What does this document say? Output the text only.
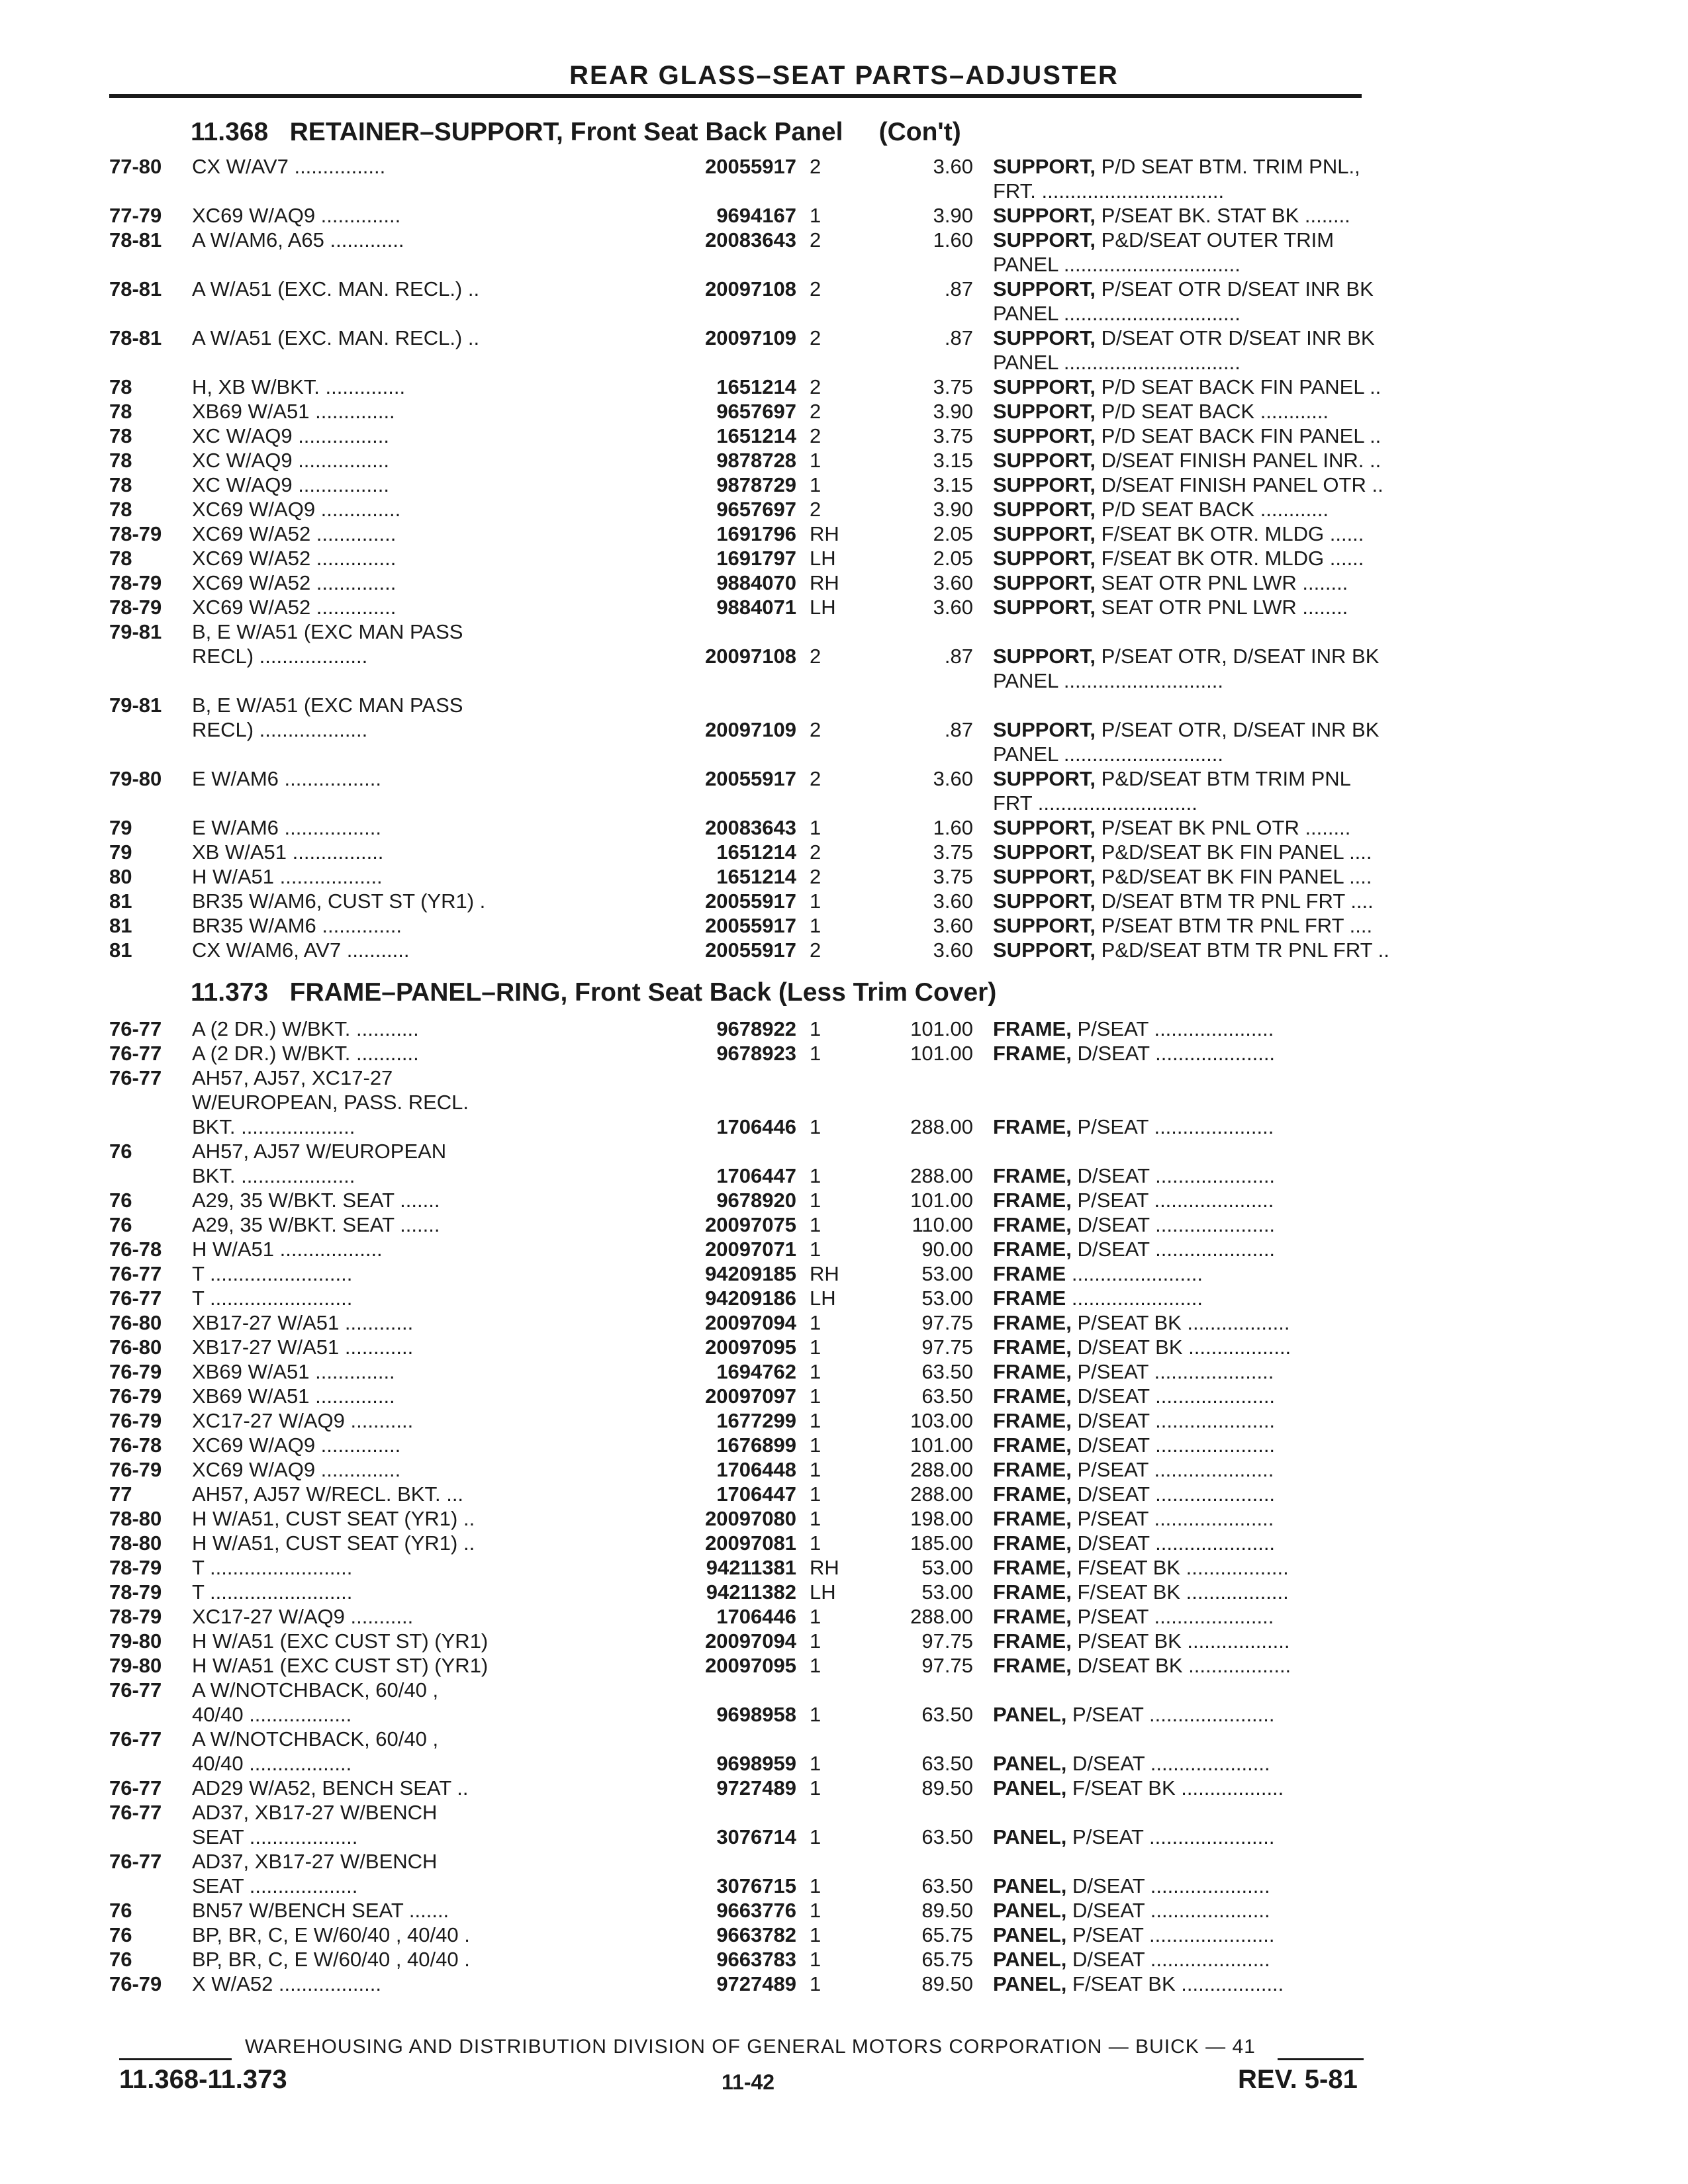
REAR GLASS–SEAT PARTS–ADJUSTER
11.368   RETAINER–SUPPORT, Front Seat Back Panel     (Con't)
77-80 CX W/AV7 ................	20055917 2	3.60 SUPPORT, P/D SEAT BTM. TRIM PNL.,
FRT. ................................
77-79 XC69 W/AQ9 ..............	9694167 1	3.90 SUPPORT, P/SEAT BK. STAT BK ........
78-81 A W/AM6, A65 .............	20083643 2	1.60 SUPPORT, P&D/SEAT OUTER TRIM
PANEL ...............................
78-81 A W/A51 (EXC. MAN. RECL.) ..	20097108 2	.87 SUPPORT, P/SEAT OTR D/SEAT INR BK
PANEL ...............................
78-81 A W/A51 (EXC. MAN. RECL.) ..	20097109 2	.87 SUPPORT, D/SEAT OTR D/SEAT INR BK
PANEL ...............................
78	H, XB W/BKT. ..............	1651214 2	3.75 SUPPORT, P/D SEAT BACK FIN PANEL ..
78	XB69 W/A51 ..............	9657697 2	3.90 SUPPORT, P/D SEAT BACK ............
78	XC W/AQ9 ................	1651214 2	3.75 SUPPORT, P/D SEAT BACK FIN PANEL ..
78	XC W/AQ9 ................	9878728 1	3.15 SUPPORT, D/SEAT FINISH PANEL INR. ..
78	XC W/AQ9 ................	9878729 1	3.15 SUPPORT, D/SEAT FINISH PANEL OTR ..
78	XC69 W/AQ9 ..............	9657697 2	3.90 SUPPORT, P/D SEAT BACK ............
78-79 XC69 W/A52 ..............	1691796 RH	2.05 SUPPORT, F/SEAT BK OTR. MLDG ......
78	XC69 W/A52 ..............	1691797 LH	2.05 SUPPORT, F/SEAT BK OTR. MLDG ......
78-79 XC69 W/A52 ..............	9884070 RH	3.60 SUPPORT, SEAT OTR PNL LWR ........
78-79 XC69 W/A52 ..............	9884071 LH	3.60 SUPPORT, SEAT OTR PNL LWR ........
79-81 B, E W/A51 (EXC MAN PASS
RECL) ...................	20097108 2	.87 SUPPORT, P/SEAT OTR, D/SEAT INR BK
PANEL ............................
79-81 B, E W/A51 (EXC MAN PASS
RECL) ...................	20097109 2	.87 SUPPORT, P/SEAT OTR, D/SEAT INR BK
PANEL ............................
79-80 E W/AM6 .................	20055917 2	3.60 SUPPORT, P&D/SEAT BTM TRIM PNL
FRT ............................
79	E W/AM6 .................	20083643 1	1.60 SUPPORT, P/SEAT BK PNL OTR ........
79	XB W/A51 ................	1651214 2	3.75 SUPPORT, P&D/SEAT BK FIN PANEL ....
80	H W/A51 ..................	1651214 2	3.75 SUPPORT, P&D/SEAT BK FIN PANEL ....
81	BR35 W/AM6, CUST ST (YR1) .	20055917 1	3.60 SUPPORT, D/SEAT BTM TR PNL FRT ....
81	BR35 W/AM6 ..............	20055917 1	3.60 SUPPORT, P/SEAT BTM TR PNL FRT ....
81	CX W/AM6, AV7 ...........	20055917 2	3.60 SUPPORT, P&D/SEAT BTM TR PNL FRT ..
11.373   FRAME–PANEL–RING, Front Seat Back (Less Trim Cover)
76-77 A (2 DR.) W/BKT. ...........	9678922 1	101.00 FRAME, P/SEAT .....................
76-77 A (2 DR.) W/BKT. ...........	9678923 1	101.00 FRAME, D/SEAT .....................
76-77 AH57, AJ57, XC17-27
W/EUROPEAN, PASS. RECL.
BKT. ....................	1706446 1	288.00 FRAME, P/SEAT .....................
76	AH57, AJ57 W/EUROPEAN
BKT. ....................	1706447 1	288.00 FRAME, D/SEAT .....................
76	A29, 35 W/BKT. SEAT .......	9678920 1	101.00 FRAME, P/SEAT .....................
76	A29, 35 W/BKT. SEAT .......	20097075 1	110.00 FRAME, D/SEAT .....................
76-78 H W/A51 ..................	20097071 1	90.00 FRAME, D/SEAT .....................
76-77 T .........................	94209185 RH	53.00 FRAME .......................
76-77 T .........................	94209186 LH	53.00 FRAME .......................
76-80 XB17-27 W/A51 ............	20097094 1	97.75 FRAME, P/SEAT BK ..................
76-80 XB17-27 W/A51 ............	20097095 1	97.75 FRAME, D/SEAT BK ..................
76-79 XB69 W/A51 ..............	1694762 1	63.50 FRAME, P/SEAT .....................
76-79 XB69 W/A51 ..............	20097097 1	63.50 FRAME, D/SEAT .....................
76-79 XC17-27 W/AQ9 ...........	1677299 1	103.00 FRAME, D/SEAT .....................
76-78 XC69 W/AQ9 ..............	1676899 1	101.00 FRAME, D/SEAT .....................
76-79 XC69 W/AQ9 ..............	1706448 1	288.00 FRAME, P/SEAT .....................
77	AH57, AJ57 W/RECL. BKT. ...	1706447 1	288.00 FRAME, D/SEAT .....................
78-80 H W/A51, CUST SEAT (YR1) ..	20097080 1	198.00 FRAME, P/SEAT .....................
78-80 H W/A51, CUST SEAT (YR1) ..	20097081 1	185.00 FRAME, D/SEAT .....................
78-79 T .........................	94211381 RH	53.00 FRAME, F/SEAT BK ..................
78-79 T .........................	94211382 LH	53.00 FRAME, F/SEAT BK ..................
78-79 XC17-27 W/AQ9 ...........	1706446 1	288.00 FRAME, P/SEAT .....................
79-80 H W/A51 (EXC CUST ST) (YR1)	20097094 1	97.75 FRAME, P/SEAT BK ..................
79-80 H W/A51 (EXC CUST ST) (YR1)	20097095 1	97.75 FRAME, D/SEAT BK ..................
76-77 A W/NOTCHBACK, 60/40 ,
40/40 ..................	9698958 1	63.50 PANEL, P/SEAT ......................
76-77 A W/NOTCHBACK, 60/40 ,
40/40 ..................	9698959 1	63.50 PANEL, D/SEAT .....................
76-77 AD29 W/A52, BENCH SEAT ..	9727489 1	89.50 PANEL, F/SEAT BK ..................
76-77 AD37, XB17-27 W/BENCH
SEAT ...................	3076714 1	63.50 PANEL, P/SEAT ......................
76-77 AD37, XB17-27 W/BENCH
SEAT ...................	3076715 1	63.50 PANEL, D/SEAT .....................
76	BN57 W/BENCH SEAT .......	9663776 1	89.50 PANEL, D/SEAT .....................
76	BP, BR, C, E W/60/40 , 40/40 .	9663782 1	65.75 PANEL, P/SEAT ......................
76	BP, BR, C, E W/60/40 , 40/40 .	9663783 1	65.75 PANEL, D/SEAT .....................
76-79 X W/A52 ..................	9727489 1	89.50 PANEL, F/SEAT BK ..................
WAREHOUSING AND DISTRIBUTION DIVISION OF GENERAL MOTORS CORPORATION — BUICK — 41
11.368-11.373	11-42	REV. 5-81
